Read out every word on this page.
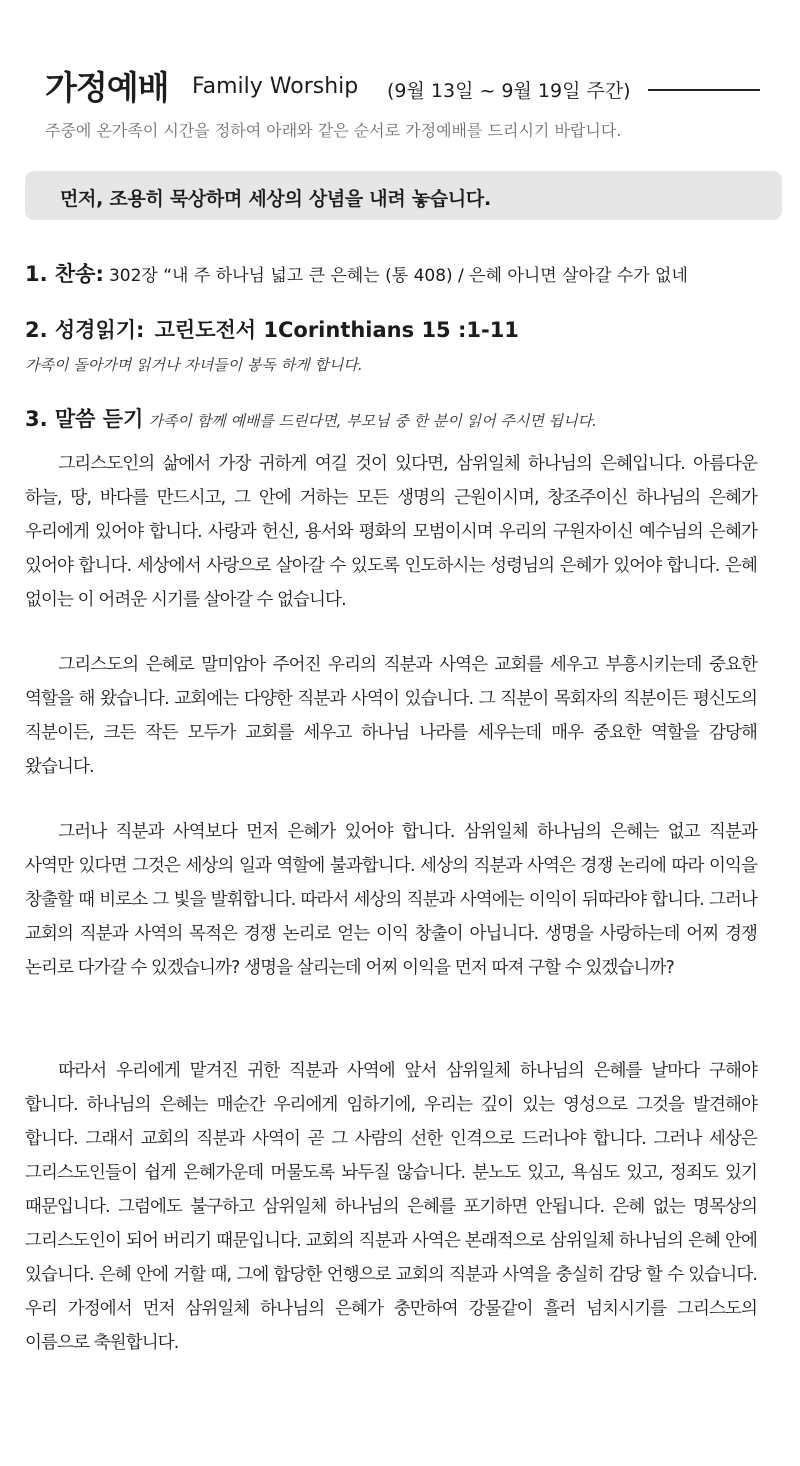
가정예배 Family Worship (9월 13일 ~ 9월 19일 주간)
주중에 온가족이 시간을 정하여 아래와 같은 순서로 가정예배를 드리시기 바랍니다.
먼저, 조용히 묵상하며 세상의 상념을 내려 놓습니다.
1. 찬송: 302장 “내 주 하나님 넓고 큰 은혜는 (통 408) / 은혜 아니면 살아갈 수가 없네
2. 성경읽기: 고린도전서 1Corinthians 15 :1-11
가족이 돌아가며 읽거나 자녀들이 봉독 하게 합니다.
3. 말씀 듣기 가족이 함께 예배를 드린다면, 부모님 중 한 분이 읽어 주시면 됩니다.

그리스도인의 삶에서 가장 귀하게 여길 것이 있다면, 삼위일체 하나님의 은혜입니다. 아름다운 하늘, 땅, 바다를 만드시고, 그 안에 거하는 모든 생명의 근원이시며, 창조주이신 하나님의 은혜가 우리에게 있어야 합니다. 사랑과 헌신, 용서와 평화의 모범이시며 우리의 구원자이신 예수님의 은혜가 있어야 합니다. 세상에서 사랑으로 살아갈 수 있도록 인도하시는 성령님의 은혜가 있어야 합니다. 은혜 없이는 이 어려운 시기를 살아갈 수 없습니다.

그리스도의 은혜로 말미암아 주어진 우리의 직분과 사역은 교회를 세우고 부흥시키는데 중요한 역할을 해 왔습니다. 교회에는 다양한 직분과 사역이 있습니다. 그 직분이 목회자의 직분이든 평신도의 직분이든, 크든 작든 모두가 교회를 세우고 하나님 나라를 세우는데 매우 중요한 역할을 감당해 왔습니다.

그러나 직분과 사역보다 먼저 은혜가 있어야 합니다. 삼위일체 하나님의 은혜는 없고 직분과 사역만 있다면 그것은 세상의 일과 역할에 불과합니다. 세상의 직분과 사역은 경쟁 논리에 따라 이익을 창출할 때 비로소 그 빛을 발휘합니다. 따라서 세상의 직분과 사역에는 이익이 뒤따라야 합니다. 그러나 교회의 직분과 사역의 목적은 경쟁 논리로 얻는 이익 창출이 아닙니다. 생명을 사랑하는데 어찌 경쟁 논리로 다가갈 수 있겠습니까? 생명을 살리는데 어찌 이익을 먼저 따져 구할 수 있겠습니까?

따라서 우리에게 맡겨진 귀한 직분과 사역에 앞서 삼위일체 하나님의 은혜를 날마다 구해야 합니다. 하나님의 은혜는 매순간 우리에게 임하기에, 우리는 깊이 있는 영성으로 그것을 발견해야 합니다. 그래서 교회의 직분과 사역이 곧 그 사람의 선한 인격으로 드러나야 합니다. 그러나 세상은 그리스도인들이 쉽게 은혜가운데 머물도록 놔두질 않습니다. 분노도 있고, 욕심도 있고, 정죄도 있기 때문입니다. 그럼에도 불구하고 삼위일체 하나님의 은혜를 포기하면 안됩니다. 은혜 없는 명목상의 그리스도인이 되어 버리기 때문입니다. 교회의 직분과 사역은 본래적으로 삼위일체 하나님의 은혜 안에 있습니다. 은혜 안에 거할 때, 그에 합당한 언행으로 교회의 직분과 사역을 충실히 감당 할 수 있습니다. 우리 가정에서 먼저 삼위일체 하나님의 은혜가 충만하여 강물같이 흘러 넘치시기를 그리스도의 이름으로 축원합니다.
